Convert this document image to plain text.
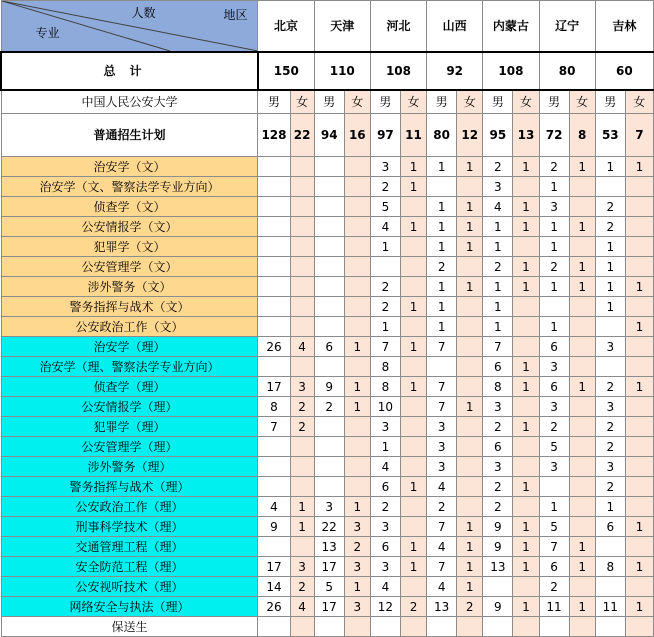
人数 地区
专业	北京		天津		河北		山西		内蒙古		辽宁		吉林	
总计	150		110		108		92		108		80		60	
中国人民公安大学	男	女	男	女	男	女	男	女	男	女	男	女	男	女
普通招生计划	128	22	94	16	97	11	80	12	95	13	72	8	53	7
治安学（文）					3	1	1	1	2	1	2	1	1	1
治安学（文、警察法学专业方向）					2	1			3		1			
侦查学（文）					5		1	1	4	1	3		2	
公安情报学（文）					4	1	1	1	1	1	1	1	2	
犯罪学（文）					1		1	1	1		1		1	
公安管理学（文）							2		2	1	2	1	1	
涉外警务（文）					2		1	1	1	1	1	1	1	1
警务指挥与战术（文）					2	1	1		1				1	
公安政治工作（文）					1		1		1		1			1
治安学（理）	26	4	6	1	7	1	7		7		6		3	
治安学（理、警察法学专业方向）					8				6	1	3			
侦查学（理）	17	3	9	1	8	1	7		8	1	6	1	2	1
公安情报学（理）	8	2	2	1	10		7	1	3		3		3	
犯罪学（理）	7	2			3		3		2	1	2		2	
公安管理学（理）					1		3		6		5		2	
涉外警务（理）					4		3		3		3		3	
警务指挥与战术（理）					6	1	4		2	1			2	
公安政治工作（理）	4	1	3	1	2		2		2		1		1	
刑事科学技术（理）	9	1	22	3	3		7	1	9	1	5		6	1
交通管理工程（理）			13	2	6	1	4	1	9	1	7	1		
安全防范工程（理）	17	3	17	3	3	1	7	1	13	1	6	1	8	1
公安视听技术（理）	14	2	5	1	4		4	1			2			
网络安全与执法（理）	26	4	17	3	12	2	13	2	9	1	11	1	11	1
保送生														
